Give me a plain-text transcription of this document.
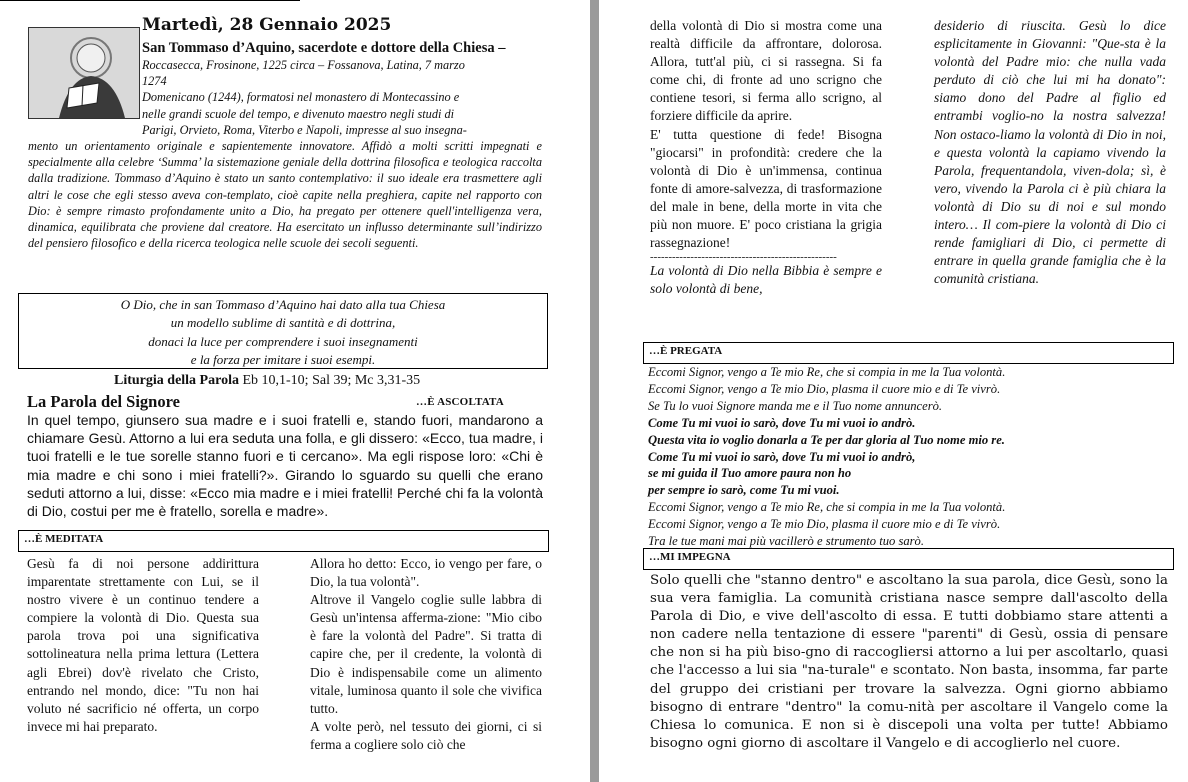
Martedì, 28 Gennaio 2025
San Tommaso d’Aquino, sacerdote e dottore della Chiesa –

Roccasecca, Frosinone, 1225 circa – Fossanova, Latina, 7 marzo

1274

Domenicano (1244), formatosi nel monastero di Montecassino e

nelle grandi scuole del tempo, e divenuto maestro negli studi di

Parigi, Orvieto, Roma, Viterbo e Napoli, impresse al suo insegna-

mento un orientamento originale e sapientemente innovatore. Affidò a molti scritti impegnati e specialmente alla celebre ‘Summa’ la sistemazione geniale della dottrina filosofica e teologica raccolta dalla tradizione. Tommaso d’Aquino è stato un santo contemplativo: il suo ideale era trasmettere agli altri le cose che egli stesso aveva con-templato, cioè capite nella preghiera, capite nel rapporto con Dio: è sempre rimasto profondamente unito a Dio, ha pregato per ottenere quell'intelligenza vera, dinamica, equilibrata che proviene dal creatore. Ha esercitato un influsso determinante sull’indirizzo del pensiero filosofico e della ricerca teologica nelle scuole dei secoli seguenti.

O Dio, che in san Tommaso d’Aquino hai dato alla tua Chiesa
un modello sublime di santità e di dottrina,
donaci la luce per comprendere i suoi insegnamenti
e la forza per imitare i suoi esempi.
Liturgia della Parola Eb 10,1-10; Sal 39; Mc 3,31-35
La Parola del Signore	…È ASCOLTATA
In quel tempo, giunsero sua madre e i suoi fratelli e, stando fuori, mandarono a chiamare Gesù. Attorno a lui era seduta una folla, e gli dissero: «Ecco, tua madre, i tuoi fratelli e le tue sorelle stanno fuori e ti cercano». Ma egli rispose loro: «Chi è mia madre e chi sono i miei fratelli?». Girando lo sguardo su quelli che erano seduti attorno a lui, disse: «Ecco mia madre e i miei fratelli! Perché chi fa la volontà di Dio, costui per me è fratello, sorella e madre».
…È MEDITATA

Gesù fa di noi persone addirittura imparentate strettamente con Lui, se il nostro vivere è un continuo tendere a compiere la volontà di Dio. Questa sua parola trova poi una significativa sottolineatura nella prima lettura (Lettera agli Ebrei) dov'è rivelato che Cristo, entrando nel mondo, dice: "Tu non hai voluto né sacrificio né offerta, un corpo invece mi hai preparato.

Allora ho detto: Ecco, io vengo per fare, o Dio, la tua volontà".

Altrove il Vangelo coglie sulle labbra di Gesù un'intensa afferma-zione: "Mio cibo è fare la volontà del Padre". Si tratta di capire che, per il credente, la volontà di Dio è indispensabile come un alimento vitale, luminosa quanto il sole che vivifica tutto.

A volte però, nel tessuto dei giorni, ci si ferma a cogliere solo ciò che

della volontà di Dio si mostra come una realtà difficile da affrontare, dolorosa. Allora, tutt'al più, ci si rassegna. Si fa come chi, di fronte ad uno scrigno che contiene tesori, si ferma allo scrigno, al forziere difficile da aprire.

E' tutta questione di fede! Bisogna "giocarsi" in profondità: credere che la volontà di Dio è un'immensa, continua fonte di amore-salvezza, di trasformazione del male in bene, della morte in vita che più non muore. E' poco cristiana la grigia rassegnazione!

---------------------------------------------------

La volontà di Dio nella Bibbia è sempre e solo volontà di bene,

desiderio di riuscita. Gesù lo dice esplicitamente in Giovanni: "Que-sta è la volontà del Padre mio: che nulla vada perduto di ciò che lui mi ha donato": siamo dono del Padre al figlio ed entrambi voglio-no la nostra salvezza! Non ostaco-liamo la volontà di Dio in noi, e questa volontà la capiamo vivendo la Parola, frequentandola, viven-dola; sì, è vero, vivendo la Parola ci è più chiara la volontà di Dio su di noi e sul mondo intero… Il com-piere la volontà di Dio ci rende famigliari di Dio, ci permette di entrare in quella grande famiglia che è la comunità cristiana.

…È PREGATA
Eccomi Signor, vengo a Te mio Re, che si compia in me la Tua volontà.
Eccomi Signor, vengo a Te mio Dio, plasma il cuore mio e di Te vivrò.
Se Tu lo vuoi Signore manda me e il Tuo nome annuncerò.
Come Tu mi vuoi io sarò, dove Tu mi vuoi io andrò.
Questa vita io voglio donarla a Te per dar gloria al Tuo nome mio re.
Come Tu mi vuoi io sarò, dove Tu mi vuoi io andrò,
se mi guida il Tuo amore paura non ho
per sempre io sarò, come Tu mi vuoi.
Eccomi Signor, vengo a Te mio Re, che si compia in me la Tua volontà.
Eccomi Signor, vengo a Te mio Dio, plasma il cuore mio e di Te vivrò.
Tra le tue mani mai più vacillerò e strumento tuo sarò.
…MI IMPEGNA
Solo quelli che "stanno dentro" e ascoltano la sua parola, dice Gesù, sono la sua vera famiglia. La comunità cristiana nasce sempre dall'ascolto della Parola di Dio, e vive dell'ascolto di essa. E tutti dobbiamo stare attenti a non cadere nella tentazione di essere "parenti" di Gesù, ossia di pensare che non si ha più biso-gno di raccogliersi attorno a lui per ascoltarlo, quasi che l'accesso a lui sia "na-turale" e scontato. Non basta, insomma, far parte del gruppo dei cristiani per trovare la salvezza. Ogni giorno abbiamo bisogno di entrare "dentro" la comu-nità per ascoltare il Vangelo come la Chiesa lo comunica. E non si è discepoli una volta per tutte! Abbiamo bisogno ogni giorno di ascoltare il Vangelo e di accoglierlo nel cuore.
